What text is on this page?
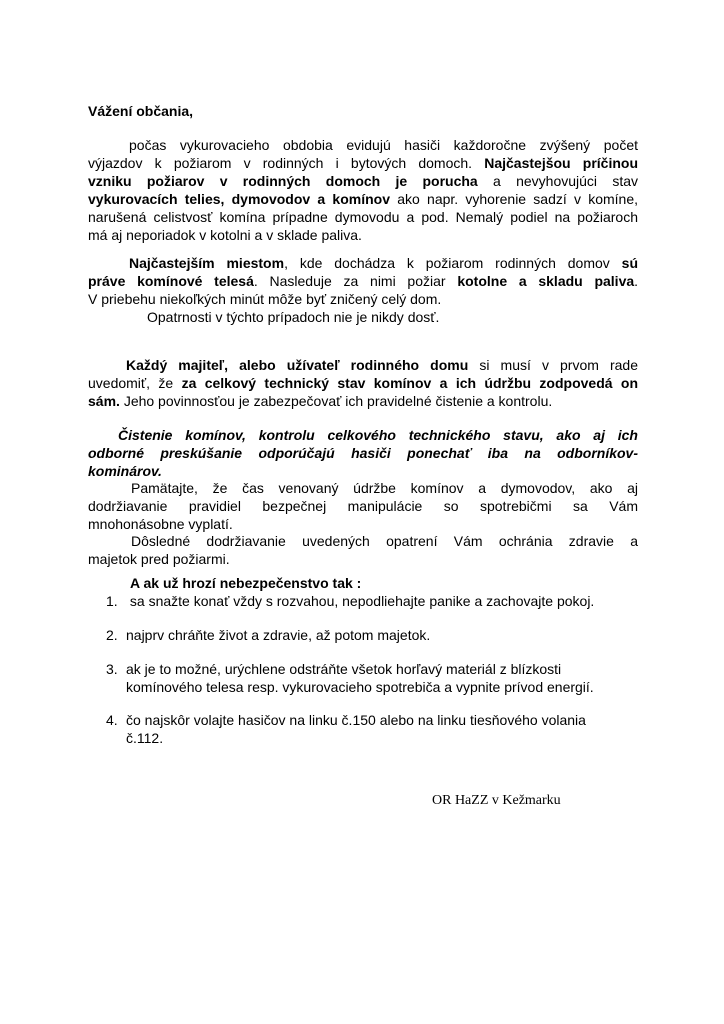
Vážení občania,
počas vykurovacieho obdobia evidujú hasiči každoročne zvýšený počet
výjazdov k požiarom v rodinných i bytových domoch. Najčastejšou príčinou
vzniku požiarov v rodinných domoch je porucha a nevyhovujúci stav
vykurovacích telies, dymovodov a komínov ako napr. vyhorenie sadzí v komíne,
narušená celistvosť komína prípadne dymovodu a pod. Nemalý podiel na požiaroch
má aj neporiadok v kotolni a v sklade paliva.
Najčastejším miestom, kde dochádza k požiarom rodinných domov sú
práve komínové telesá. Nasleduje za nimi požiar kotolne a skladu paliva.
V priebehu niekoľkých minút môže byť zničený celý dom.
Opatrnosti v týchto prípadoch nie je nikdy dosť.
Každý majiteľ, alebo užívateľ rodinného domu si musí v prvom rade
uvedomiť, že za celkový technický stav komínov a ich údržbu zodpovedá on
sám. Jeho povinnosťou je zabezpečovať ich pravidelné čistenie a kontrolu.
Čistenie komínov, kontrolu celkového technického stavu, ako aj ich
odborné preskúšanie odporúčajú hasiči ponechať iba na odborníkov-
kominárov.
Pamätajte, že čas venovaný údržbe komínov a dymovodov, ako aj
dodržiavanie pravidiel bezpečnej manipulácie so spotrebičmi sa Vám
mnohonásobne vyplatí.
Dôsledné dodržiavanie uvedených opatrení Vám ochránia zdravie a
majetok pred požiarmi.
A ak už hrozí nebezpečenstvo tak :
1. sa snažte konať vždy s rozvahou, nepodliehajte panike a zachovajte pokoj.
2. najprv chráňte život a zdravie, až potom majetok.
3. ak je to možné, urýchlene odstráňte všetok horľavý materiál z blízkosti
komínového telesa resp. vykurovacieho spotrebiča a vypnite prívod energií.
4. čo najskôr volajte hasičov na linku č.150 alebo na linku tiesňového volania
č.112.
OR HaZZ v Kežmarku
